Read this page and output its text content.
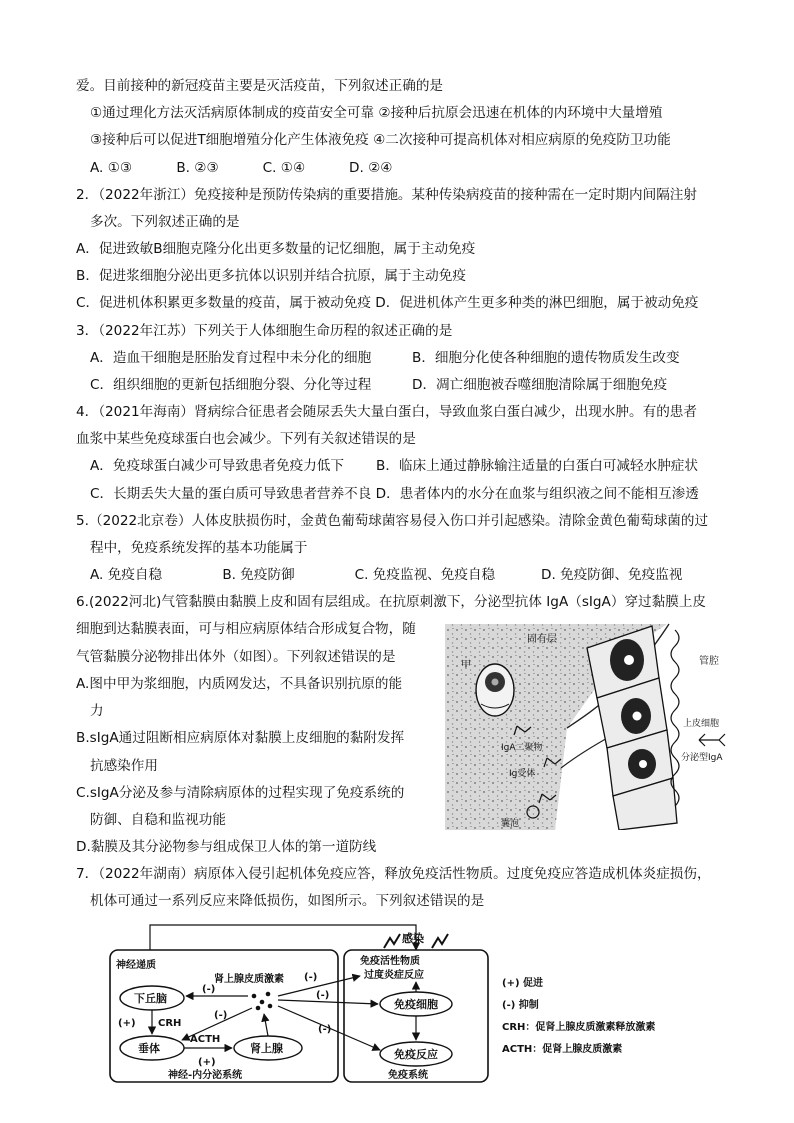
爱。目前接种的新冠疫苗主要是灭活疫苗，下列叙述正确的是
①通过理化方法灭活病原体制成的疫苗安全可靠 ②接种后抗原会迅速在机体的内环境中大量增殖
③接种后可以促进T细胞增殖分化产生体液免疫 ④二次接种可提高机体对相应病原的免疫防卫功能
A. ①③	B. ②③	C. ①④	D. ②④
2．（2022年浙江）免疫接种是预防传染病的重要措施。某种传染病疫苗的接种需在一定时期内间隔注射
多次。下列叙述正确的是
A．促进致敏B细胞克隆分化出更多数量的记忆细胞，属于主动免疫
B．促进浆细胞分泌出更多抗体以识别并结合抗原，属于主动免疫
C．促进机体积累更多数量的疫苗，属于被动免疫 D．促进机体产生更多种类的淋巴细胞，属于被动免疫
3．（2022年江苏）下列关于人体细胞生命历程的叙述正确的是
A．造血干细胞是胚胎发育过程中未分化的细胞	B．细胞分化使各种细胞的遗传物质发生改变
C．组织细胞的更新包括细胞分裂、分化等过程	D．凋亡细胞被吞噬细胞清除属于细胞免疫
4．（2021年海南）肾病综合征患者会随尿丢失大量白蛋白，导致血浆白蛋白减少，出现水肿。有的患者
血浆中某些免疫球蛋白也会减少。下列有关叙述错误的是
A．免疫球蛋白减少可导致患者免疫力低下 B．临床上通过静脉输注适量的白蛋白可减轻水肿症状
C．长期丢失大量的蛋白质可导致患者营养不良 D．患者体内的水分在血浆与组织液之间不能相互渗透
5.（2022北京卷）人体皮肤损伤时，金黄色葡萄球菌容易侵入伤口并引起感染。清除金黄色葡萄球菌的过
程中，免疫系统发挥的基本功能属于
A. 免疫自稳	B. 免疫防御	C. 免疫监视、免疫自稳	D. 免疫防御、免疫监视
6.(2022河北)气管黏膜由黏膜上皮和固有层组成。在抗原刺激下，分泌型抗体 IgA（sIgA）穿过黏膜上皮
细胞到达黏膜表面，可与相应病原体结合形成复合物，随
气管黏膜分泌物排出体外（如图）。下列叙述错误的是
A.图中甲为浆细胞，内质网发达，不具备识别抗原的能
力
B.sIgA通过阻断相应病原体对黏膜上皮细胞的黏附发挥
抗感染作用
C.sIgA分泌及参与清除病原体的过程实现了免疫系统的
防御、自稳和监视功能
D.黏膜及其分泌物参与组成保卫人体的第一道防线
固有层
管腔
甲
上皮细胞
IgA二聚物
Ig受体
分泌型IgA
囊泡
7．（2022年湖南）病原体入侵引起机体免疫应答，释放免疫活性物质。过度免疫应答造成机体炎症损伤，
机体可通过一系列反应来降低损伤，如图所示。下列叙述错误的是
感染
神经递质
肾上腺皮质激素
下丘脑
垂体	肾上腺
(+) CRH
ACTH
(+)
(-)
(-)
免疫活性物质
过度炎症反应
免疫细胞
免疫反应
(-)
(-)
(-)
神经-内分泌系统	免疫系统
(+) 促进
(-) 抑制
CRH：促肾上腺皮质激素释放激素
ACTH：促肾上腺皮质激素
